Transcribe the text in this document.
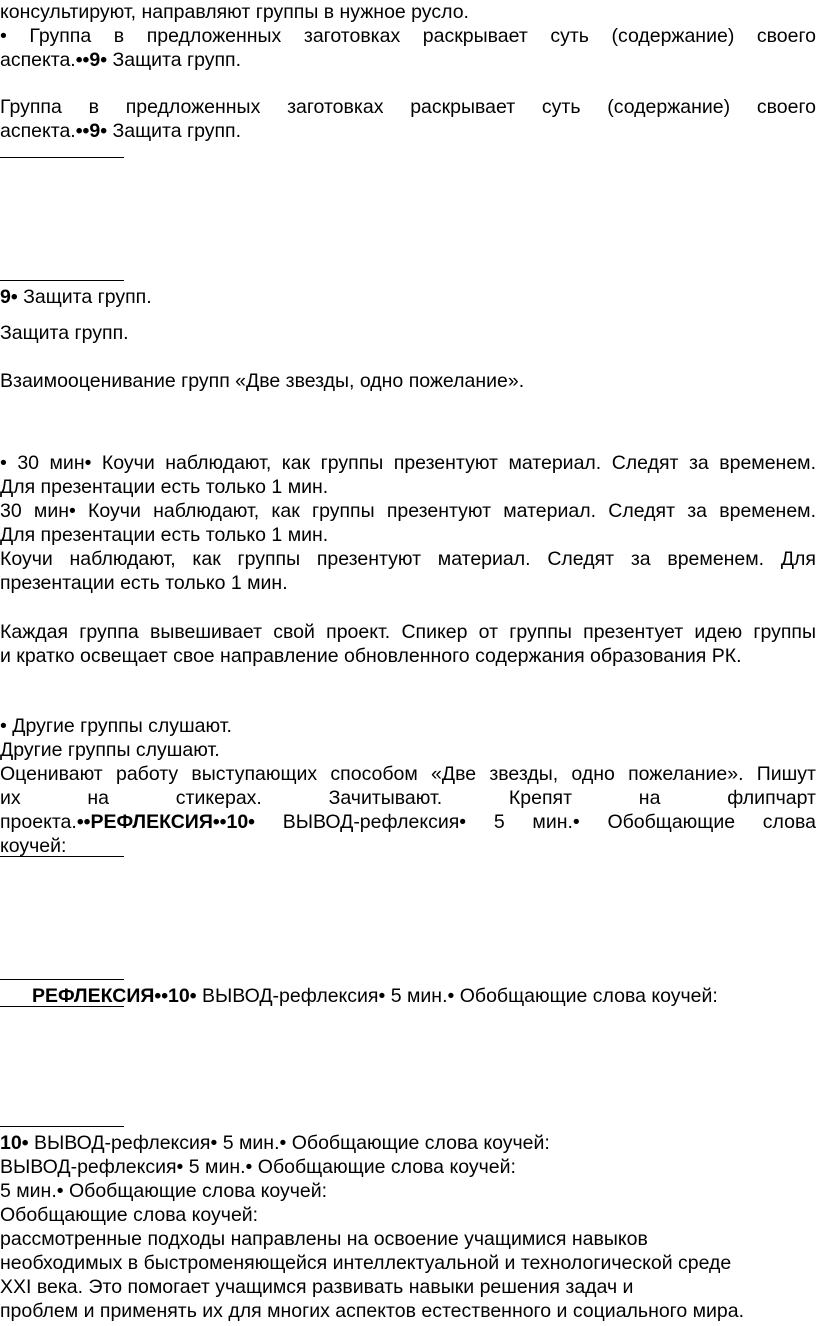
консультируют, направляют группы в нужное русло.
• Группа в предложенных заготовках раскрывает суть (содержание) своего
аспекта.••9• Защита групп.
Группа в предложенных заготовках раскрывает суть (содержание) своего
аспекта.••9• Защита групп.
9• Защита групп.
Защита групп.
Взаимооценивание групп «Две звезды, одно пожелание».
• 30 мин• Коучи наблюдают, как группы презентуют материал. Следят за временем.
Для презентации есть только 1 мин.
30 мин• Коучи наблюдают, как группы презентуют материал. Следят за временем.
Для презентации есть только 1 мин.
Коучи наблюдают, как группы презентуют материал. Следят за временем. Для
презентации есть только 1 мин.
Каждая группа вывешивает свой проект. Спикер от группы презентует идею группы
и кратко освещает свое направление обновленного содержания образования РК.
• Другие группы слушают.
Другие группы слушают.
Оценивают работу выступающих способом «Две звезды, одно пожелание». Пишут
их на стикерах. Зачитывают. Крепят на флипчарт
проекта.••РЕФЛЕКСИЯ••10• ВЫВОД-рефлексия• 5 мин.• Обобщающие слова
коучей:
РЕФЛЕКСИЯ••10• ВЫВОД-рефлексия• 5 мин.• Обобщающие слова коучей:
10• ВЫВОД-рефлексия• 5 мин.• Обобщающие слова коучей:
ВЫВОД-рефлексия• 5 мин.• Обобщающие слова коучей:
5 мин.• Обобщающие слова коучей:
Обобщающие слова коучей:
рассмотренные подходы направлены на освоение учащимися навыков
необходимых в быстроменяющейся интеллектуальной и технологической среде
XXI века. Это помогает учащимся развивать навыки решения задач и
проблем и применять их для многих аспектов естественного и социального мира.
